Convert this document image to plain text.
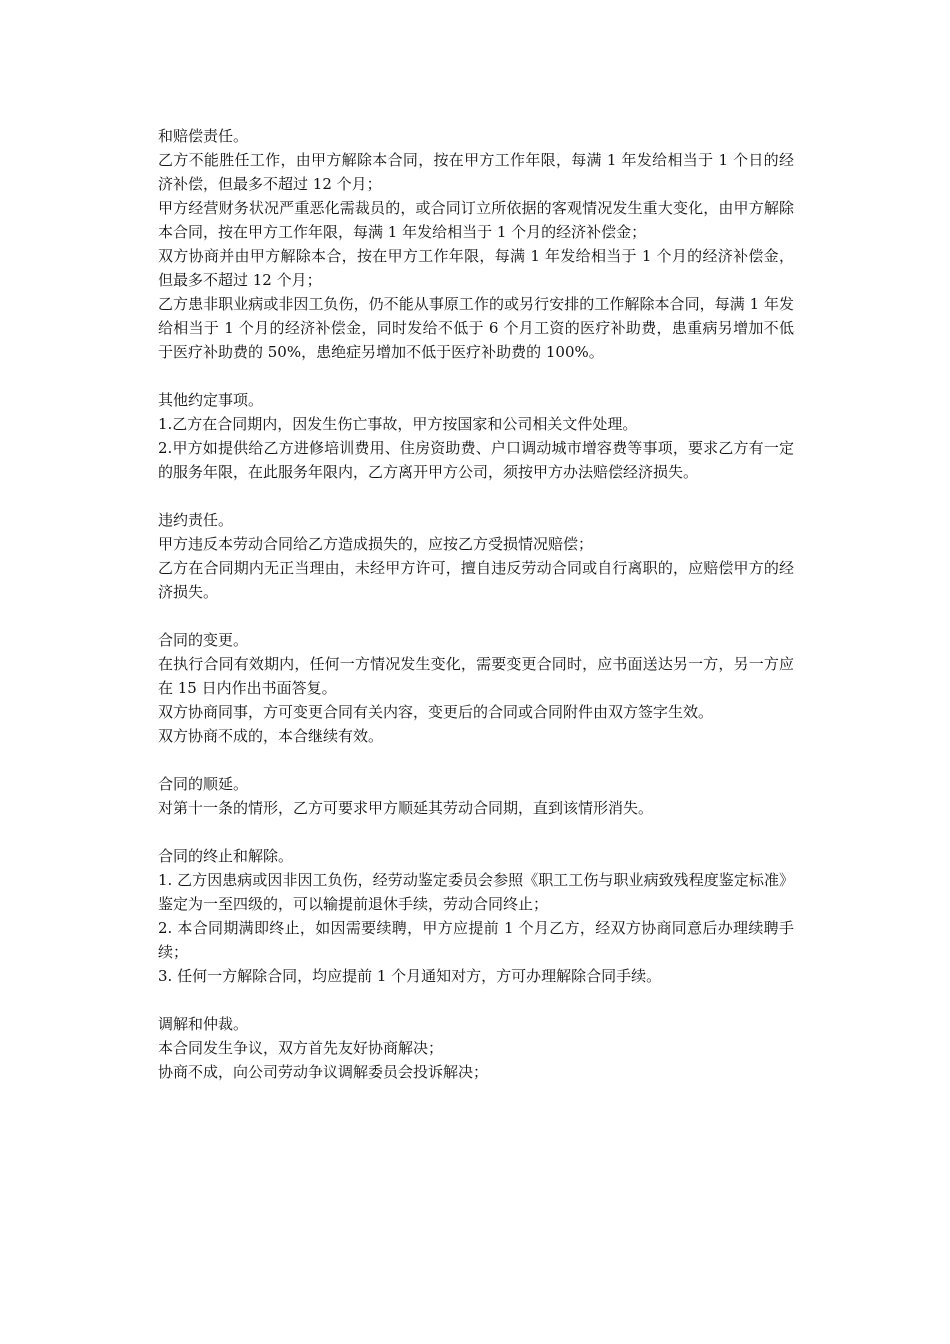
和赔偿责任。

乙方不能胜任工作，由甲方解除本合同，按在甲方工作年限，每满 1 年发给相当于 1 个日的经济补偿，但最多不超过 12 个月；

甲方经营财务状况严重恶化需裁员的，或合同订立所依据的客观情况发生重大变化，由甲方解除本合同，按在甲方工作年限，每满 1 年发给相当于 1 个月的经济补偿金；

双方协商并由甲方解除本合，按在甲方工作年限，每满 1 年发给相当于 1 个月的经济补偿金，但最多不超过 12 个月；

乙方患非职业病或非因工负伤，仍不能从事原工作的或另行安排的工作解除本合同，每满 1 年发给相当于 1 个月的经济补偿金，同时发给不低于 6 个月工资的医疗补助费，患重病另增加不低于医疗补助费的 50%，患绝症另增加不低于医疗补助费的 100%。

其他约定事项。

1.乙方在合同期内，因发生伤亡事故，甲方按国家和公司相关文件处理。

2.甲方如提供给乙方进修培训费用、住房资助费、户口调动城市增容费等事项，要求乙方有一定的服务年限，在此服务年限内，乙方离开甲方公司，须按甲方办法赔偿经济损失。

违约责任。

甲方违反本劳动合同给乙方造成损失的，应按乙方受损情况赔偿；

乙方在合同期内无正当理由，未经甲方许可，擅自违反劳动合同或自行离职的，应赔偿甲方的经济损失。

合同的变更。

在执行合同有效期内，任何一方情况发生变化，需要变更合同时，应书面送达另一方，另一方应在 15 日内作出书面答复。

双方协商同事，方可变更合同有关内容，变更后的合同或合同附件由双方签字生效。

双方协商不成的，本合继续有效。

合同的顺延。

对第十一条的情形，乙方可要求甲方顺延其劳动合同期，直到该情形消失。

合同的终止和解除。

1. 乙方因患病或因非因工负伤，经劳动鉴定委员会参照《职工工伤与职业病致残程度鉴定标准》鉴定为一至四级的，可以输提前退休手续，劳动合同终止；

2. 本合同期满即终止，如因需要续聘，甲方应提前 1 个月乙方，经双方协商同意后办理续聘手续；

3. 任何一方解除合同，均应提前 1 个月通知对方，方可办理解除合同手续。

调解和仲裁。

本合同发生争议，双方首先友好协商解决；

协商不成，向公司劳动争议调解委员会投诉解决；
